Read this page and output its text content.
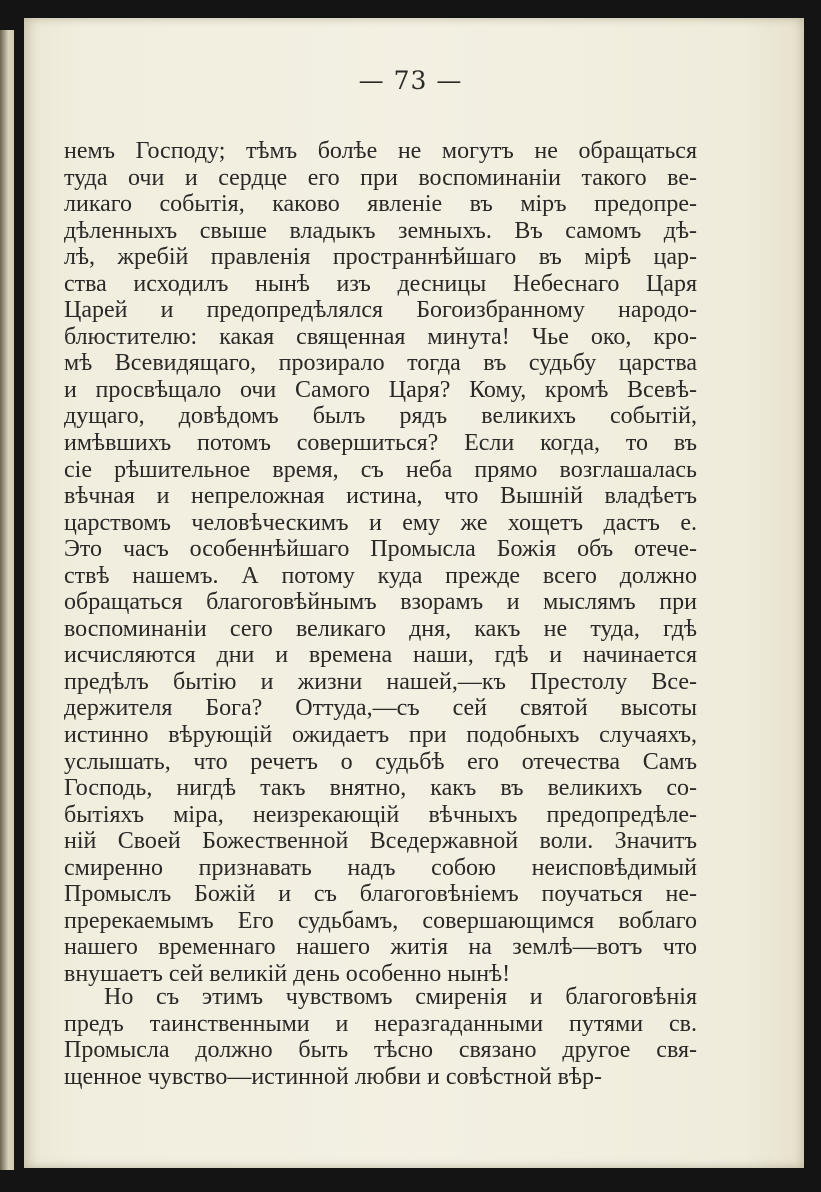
— 73 —
немъ Господу; тѣмъ болѣе не могутъ не обращаться
туда очи и сердце его при воспоминаніи такого ве-
ликаго событія, каково явленіе въ міръ предопре-
дѣленныхъ свыше владыкъ земныхъ. Въ самомъ дѣ-
лѣ, жребій правленія пространнѣйшаго въ мірѣ цар-
ства исходилъ нынѣ изъ десницы Небеснаго Царя
Царей и предопредѣлялся Богоизбранному народо-
блюстителю: какая священная минута! Чье око, кро-
мѣ Всевидящаго, прозирало тогда въ судьбу царства
и просвѣщало очи Самого Царя? Кому, кромѣ Всевѣ-
дущаго, довѣдомъ былъ рядъ великихъ событій,
имѣвшихъ потомъ совершиться? Если когда, то въ
сіе рѣшительное время, съ неба прямо возглашалась
вѣчная и непреложная истина, что Вышній владѣетъ
царствомъ человѣческимъ и ему же хощетъ дастъ е.
Это часъ особеннѣйшаго Промысла Божія объ отече-
ствѣ нашемъ. А потому куда прежде всего должно
обращаться благоговѣйнымъ взорамъ и мыслямъ при
воспоминаніи сего великаго дня, какъ не туда, гдѣ
исчисляются дни и времена наши, гдѣ и начинается
предѣлъ бытію и жизни нашей,—къ Престолу Все-
держителя Бога? Оттуда,—съ сей святой высоты
истинно вѣрующій ожидаетъ при подобныхъ случаяхъ,
услышать, что речетъ о судьбѣ его отечества Самъ
Господь, нигдѣ такъ внятно, какъ въ великихъ со-
бытіяхъ міра, неизрекающій вѣчныхъ предопредѣле-
ній Своей Божественной Вседержавной воли. Значитъ
смиренно признавать надъ собою неисповѣдимый
Промыслъ Божій и съ благоговѣніемъ поучаться не-
пререкаемымъ Его судьбамъ, совершающимся воблаго
нашего временнаго нашего житія на землѣ—вотъ что
внушаетъ сей великій день особенно нынѣ!
Но съ этимъ чувствомъ смиренія и благоговѣнія
предъ таинственными и неразгаданными путями св.
Промысла должно быть тѣсно связано другое свя-
щенное чувство—истинной любви и совѣстной вѣр-
